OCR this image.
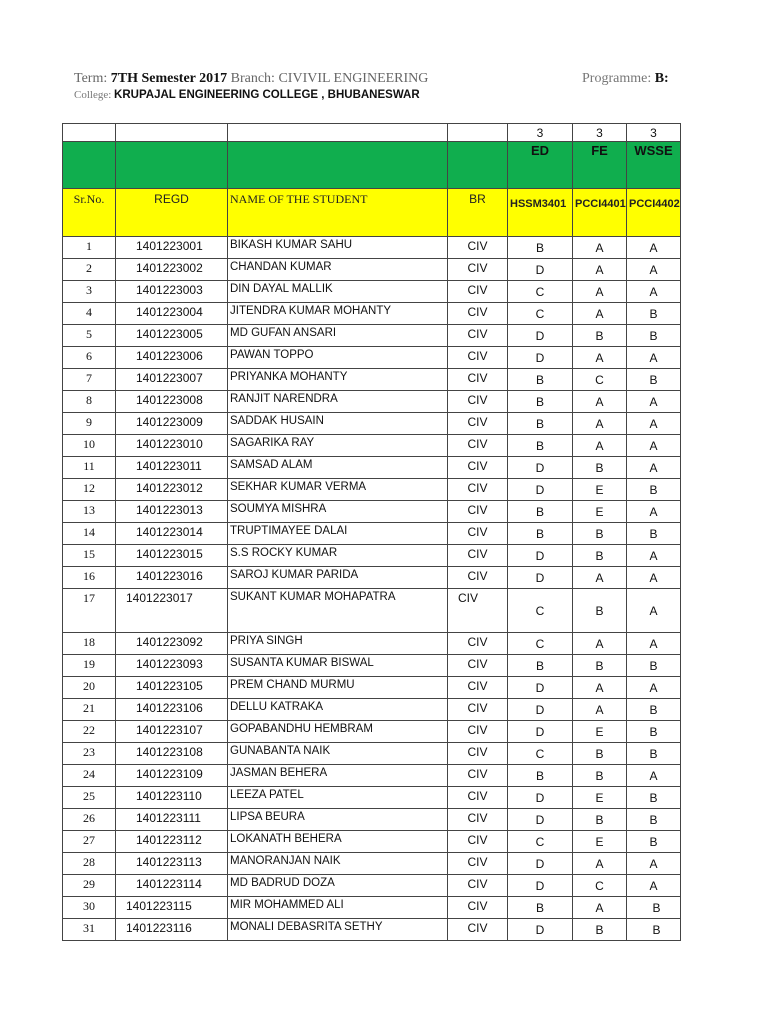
Term: 7TH Semester 2017 Branch: CIVIVIL ENGINEERING	Programme: B:
College: KRUPAJAL ENGINEERING COLLEGE , BHUBANESWAR
				3	3	3
				ED	FE	WSSE
Sr.No.	REGD	NAME OF THE STUDENT	BR	HSSM3401	PCCI4401	PCCI4402
1	1401223001	BIKASH KUMAR SAHU	CIV	B	A	A
2	1401223002	CHANDAN KUMAR	CIV	D	A	A
3	1401223003	DIN DAYAL MALLIK	CIV	C	A	A
4	1401223004	JITENDRA KUMAR MOHANTY	CIV	C	A	B
5	1401223005	MD GUFAN ANSARI	CIV	D	B	B
6	1401223006	PAWAN TOPPO	CIV	D	A	A
7	1401223007	PRIYANKA MOHANTY	CIV	B	C	B
8	1401223008	RANJIT NARENDRA	CIV	B	A	A
9	1401223009	SADDAK HUSAIN	CIV	B	A	A
10	1401223010	SAGARIKA RAY	CIV	B	A	A
11	1401223011	SAMSAD ALAM	CIV	D	B	A
12	1401223012	SEKHAR KUMAR VERMA	CIV	D	E	B
13	1401223013	SOUMYA MISHRA	CIV	B	E	A
14	1401223014	TRUPTIMAYEE DALAI	CIV	B	B	B
15	1401223015	S.S ROCKY KUMAR	CIV	D	B	A
16	1401223016	SAROJ KUMAR PARIDA	CIV	D	A	A
17	1401223017	SUKANT KUMAR MOHAPATRA	CIV	C	B	A
18	1401223092	PRIYA SINGH	CIV	C	A	A
19	1401223093	SUSANTA KUMAR BISWAL	CIV	B	B	B
20	1401223105	PREM CHAND MURMU	CIV	D	A	A
21	1401223106	DELLU KATRAKA	CIV	D	A	B
22	1401223107	GOPABANDHU HEMBRAM	CIV	D	E	B
23	1401223108	GUNABANTA NAIK	CIV	C	B	B
24	1401223109	JASMAN BEHERA	CIV	B	B	A
25	1401223110	LEEZA PATEL	CIV	D	E	B
26	1401223111	LIPSA BEURA	CIV	D	B	B
27	1401223112	LOKANATH BEHERA	CIV	C	E	B
28	1401223113	MANORANJAN NAIK	CIV	D	A	A
29	1401223114	MD BADRUD DOZA	CIV	D	C	A
30	1401223115	MIR MOHAMMED ALI	CIV	B	A	B
31	1401223116	MONALI DEBASRITA SETHY	CIV	D	B	B
